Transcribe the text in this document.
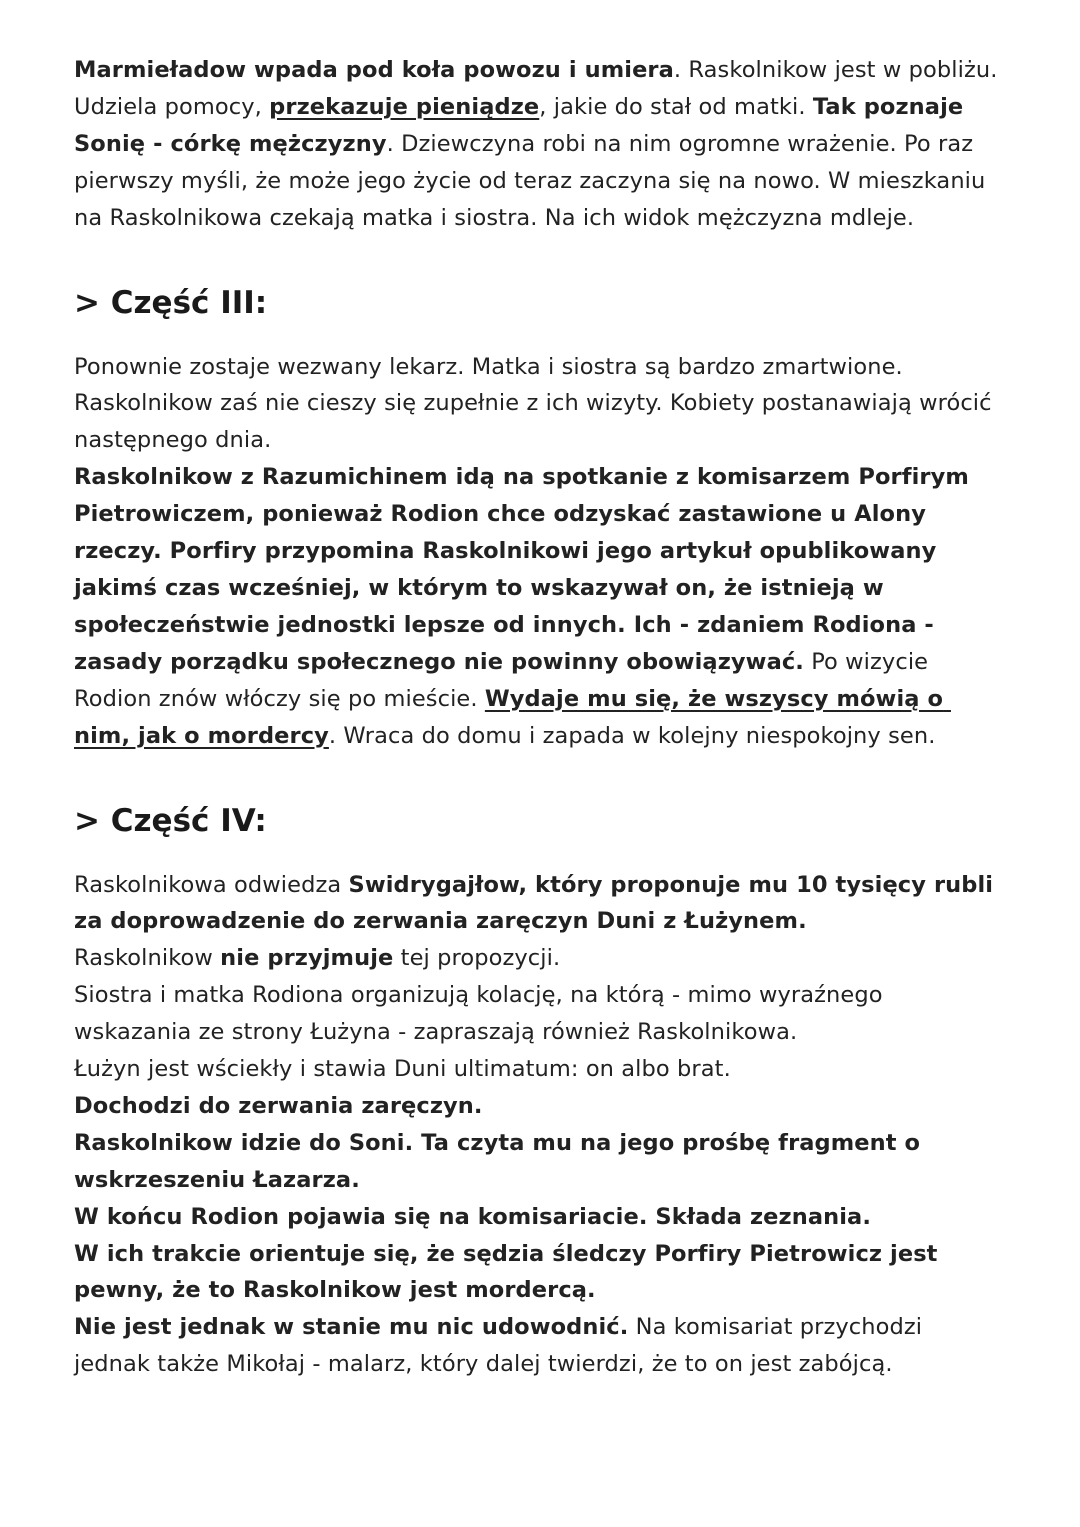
Marmieładow wpada pod koła powozu i umiera. Raskolnikow jest w pobliżu. Udziela pomocy, przekazuje pieniądze, jakie do stał od matki. Tak poznaje Sonię - córkę mężczyzny. Dziewczyna robi na nim ogromne wrażenie. Po raz pierwszy myśli, że może jego życie od teraz zaczyna się na nowo. W mieszkaniu na Raskolnikowa czekają matka i siostra. Na ich widok mężczyzna mdleje.

> Część III:

Ponownie zostaje wezwany lekarz. Matka i siostra są bardzo zmartwione. Raskolnikow zaś nie cieszy się zupełnie z ich wizyty. Kobiety postanawiają wrócić następnego dnia.
Raskolnikow z Razumichinem idą na spotkanie z komisarzem Porfirym Pietrowiczem, ponieważ Rodion chce odzyskać zastawione u Alony rzeczy. Porfiry przypomina Raskolnikowi jego artykuł opublikowany jakimś czas wcześniej, w którym to wskazywał on, że istnieją w społeczeństwie jednostki lepsze od innych. Ich - zdaniem Rodiona - zasady porządku społecznego nie powinny obowiązywać. Po wizycie Rodion znów włóczy się po mieście. Wydaje mu się, że wszyscy mówią o nim, jak o mordercy. Wraca do domu i zapada w kolejny niespokojny sen.

> Część IV:

Raskolnikowa odwiedza Swidrygajłow, który proponuje mu 10 tysięcy rubli za doprowadzenie do zerwania zaręczyn Duni z Łużynem.
Raskolnikow nie przyjmuje tej propozycji.
Siostra i matka Rodiona organizują kolację, na którą - mimo wyraźnego wskazania ze strony Łużyna - zapraszają również Raskolnikowa.
Łużyn jest wściekły i stawia Duni ultimatum: on albo brat.
Dochodzi do zerwania zaręczyn.
Raskolnikow idzie do Soni. Ta czyta mu na jego prośbę fragment o wskrzeszeniu Łazarza.
W końcu Rodion pojawia się na komisariacie. Składa zeznania.
W ich trakcie orientuje się, że sędzia śledczy Porfiry Pietrowicz jest pewny, że to Raskolnikow jest mordercą.
Nie jest jednak w stanie mu nic udowodnić. Na komisariat przychodzi jednak także Mikołaj - malarz, który dalej twierdzi, że to on jest zabójcą.
